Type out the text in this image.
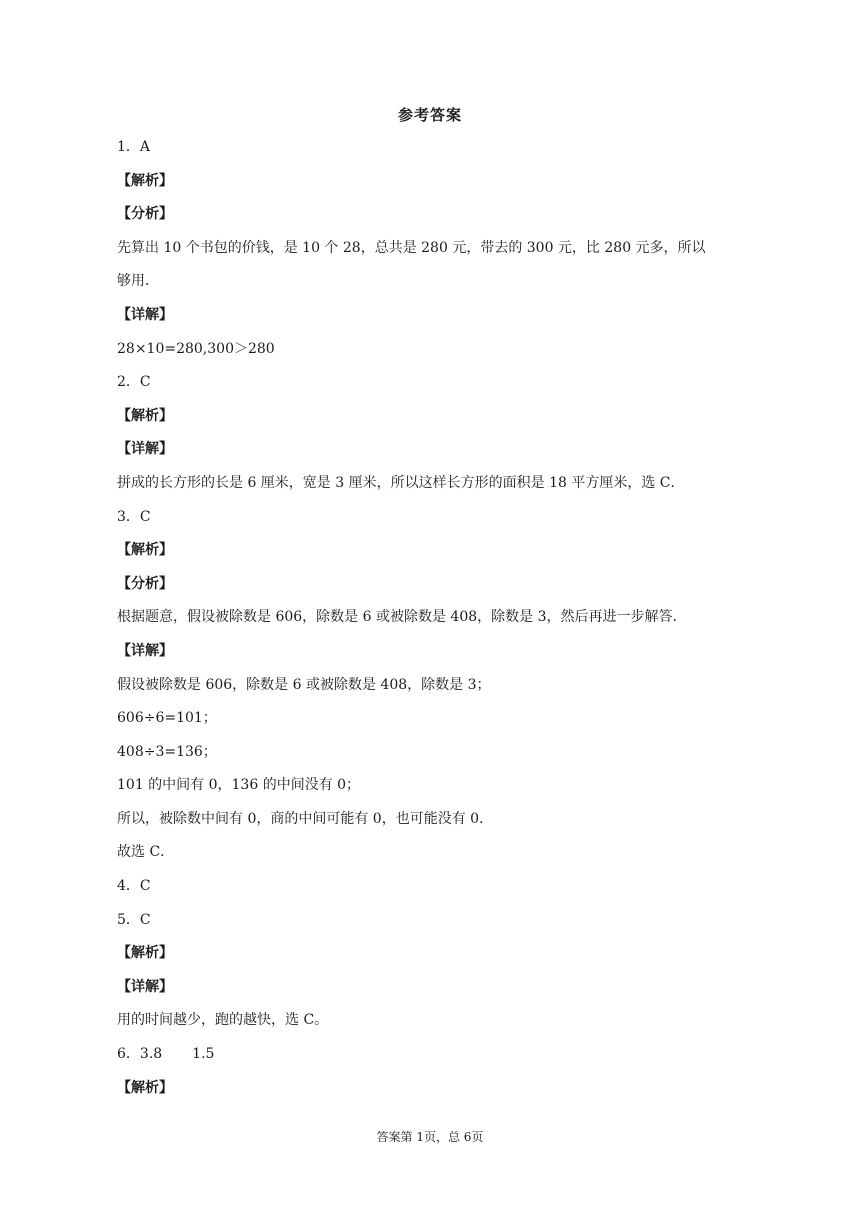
参考答案
1．A
【解析】
【分析】
先算出 10 个书包的价钱，是 10 个 28，总共是 280 元，带去的 300 元，比 280 元多，所以
够用．
【详解】
28×10=280,300＞280
2．C
【解析】
【详解】
拼成的长方形的长是 6 厘米，宽是 3 厘米，所以这样长方形的面积是 18 平方厘米，选 C．
3．C
【解析】
【分析】
根据题意，假设被除数是 606，除数是 6 或被除数是 408，除数是 3，然后再进一步解答．
【详解】
假设被除数是 606，除数是 6 或被除数是 408，除数是 3；
606÷6=101；
408÷3=136；
101 的中间有 0，136 的中间没有 0；
所以，被除数中间有 0，商的中间可能有 0，也可能没有 0．
故选 C．
4．C
5．C
【解析】
【详解】
用的时间越少，跑的越快，选 C。
6．3.8 1.5
【解析】
答案第 1页，总 6页
